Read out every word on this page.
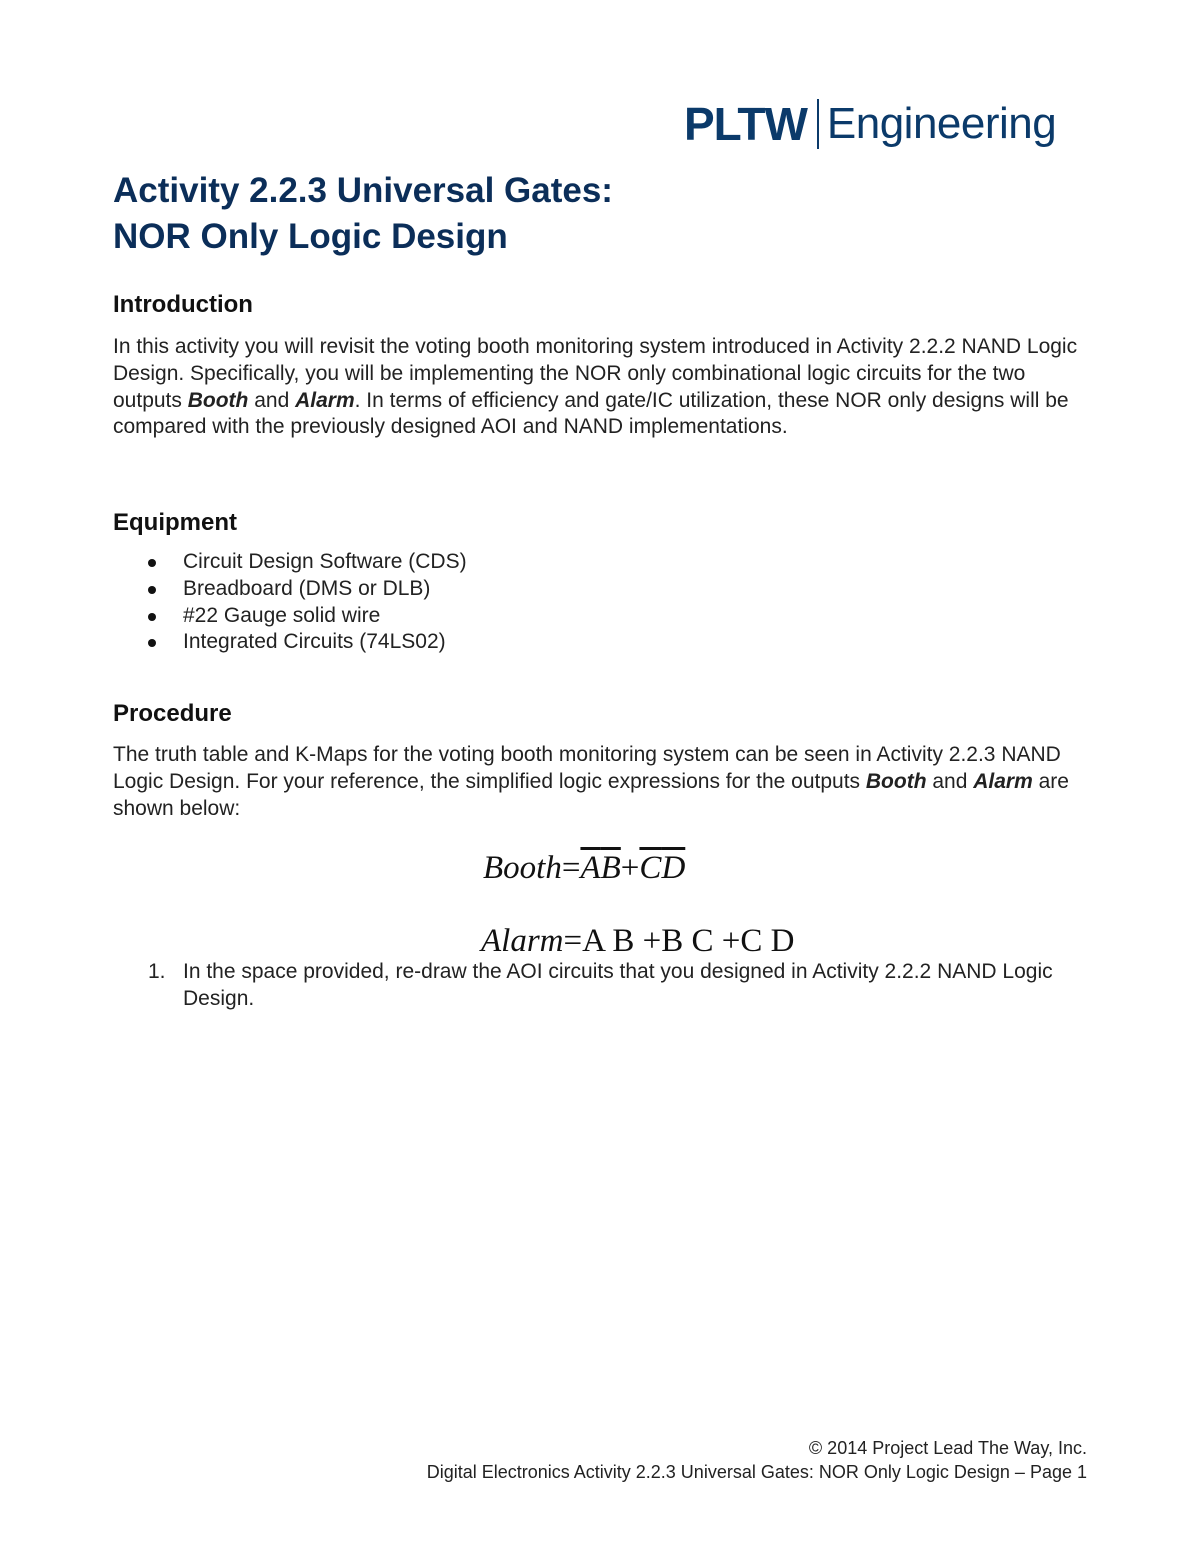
PLTW Engineering
Activity 2.2.3 Universal Gates:
NOR Only Logic Design
Introduction

In this activity you will revisit the voting booth monitoring system introduced in Activity 2.2.2 NAND Logic Design. Specifically, you will be implementing the NOR only combinational logic circuits for the two outputs Booth and Alarm. In terms of efficiency and gate/IC utilization, these NOR only designs will be compared with the previously designed AOI and NAND implementations.

Equipment
Circuit Design Software (CDS)
Breadboard (DMS or DLB)
#22 Gauge solid wire
Integrated Circuits (74LS02)
Procedure

The truth table and K-Maps for the voting booth monitoring system can be seen in Activity 2.2.3 NAND Logic Design. For your reference, the simplified logic expressions for the outputs Booth and Alarm are shown below:

$Booth=\overline{A}\overline{B}+\overline{C}\overline{D}$
Alarm=A B +B C +C D
1. In the space provided, re-draw the AOI circuits that you designed in Activity 2.2.2 NAND Logic Design.

© 2014 Project Lead The Way, Inc.

Digital Electronics Activity 2.2.3 Universal Gates: NOR Only Logic Design – Page 1
